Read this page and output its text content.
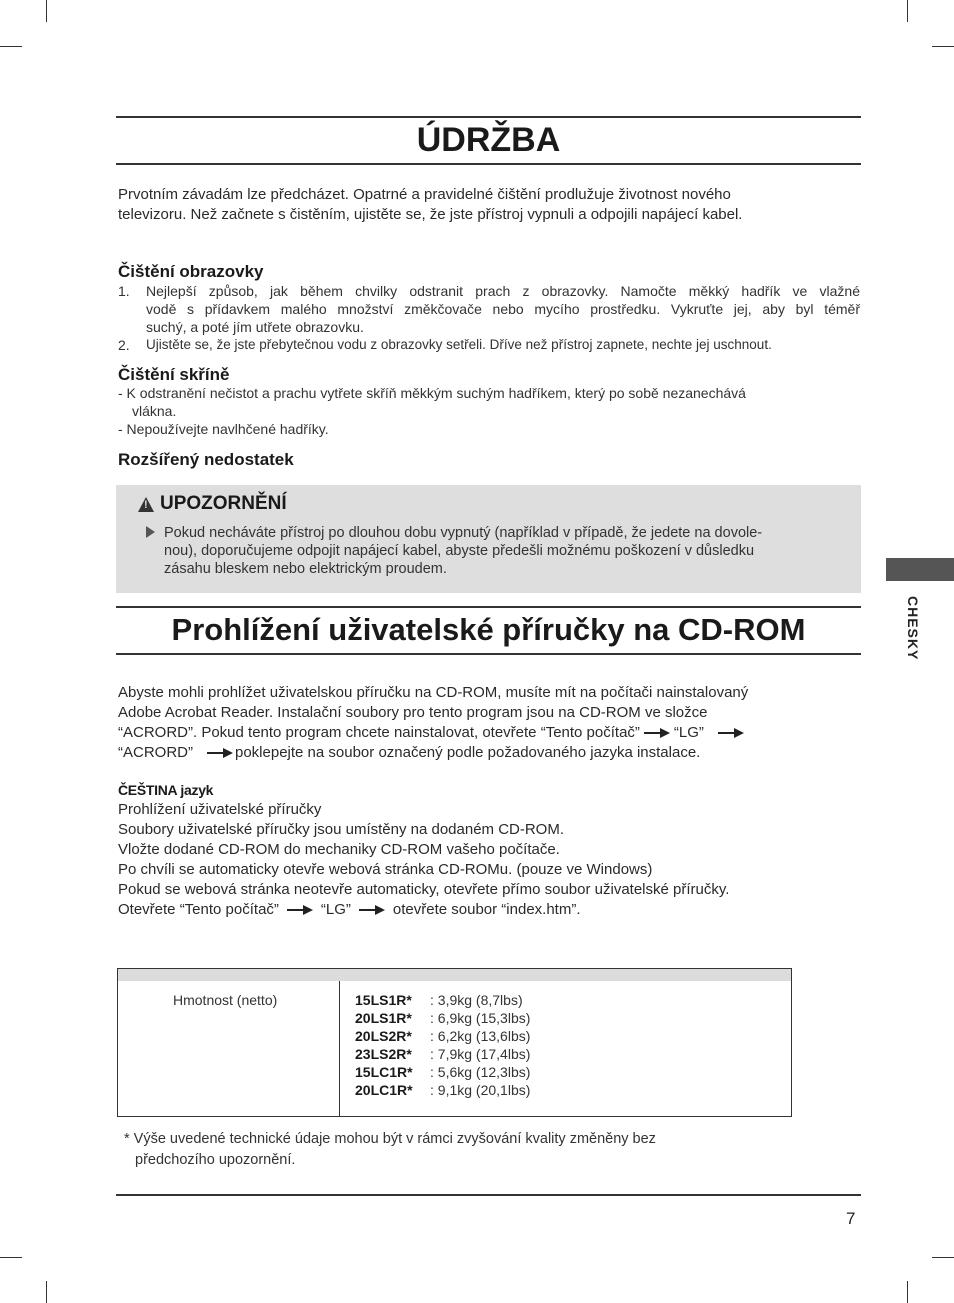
ÚDRŽBA
Prvotním závadám lze předcházet. Opatrné a pravidelné čištění prodlužuje životnost nového
televizoru. Než začnete s čistěním, ujistěte se, že jste přístroj vypnuli a odpojili napájecí kabel.
Čištění obrazovky
1. Nejlepší způsob, jak během chvilky odstranit prach z obrazovky. Namočte měkký hadřík ve vlažné
vodě s přídavkem malého množství změkčovače nebo mycího prostředku. Vykruťte jej, aby byl téměř
suchý, a poté jím utřete obrazovku.
2. Ujistěte se, že jste přebytečnou vodu z obrazovky setřeli. Dříve než přístroj zapnete, nechte jej uschnout.
Čištění skříně
- K odstranění nečistot a prachu vytřete skříň měkkým suchým hadříkem, který po sobě nezanechává
vlákna.
- Nepoužívejte navlhčené hadříky.
Rozšířený nedostatek
!
UPOZORNĚNÍ
Pokud necháváte přístroj po dlouhou dobu vypnutý (například v případě, že jedete na dovole-
nou), doporučujeme odpojit napájecí kabel, abyste předešli možnému poškození v důsledku
zásahu bleskem nebo elektrickým proudem.
Prohlížení uživatelské příručky na CD-ROM
Abyste mohli prohlížet uživatelskou příručku na CD-ROM, musíte mít na počítači nainstalovaný
Adobe Acrobat Reader. Instalační soubory pro tento program jsou na CD-ROM ve složce
“ACRORD”. Pokud tento program chcete nainstalovat, otevřete “Tento počítač” “LG”
“ACRORD”	poklepejte na soubor označený podle požadovaného jazyka instalace.
ČEŠTINA jazyk
Prohlížení uživatelské příručky
Soubory uživatelské příručky jsou umístěny na dodaném CD-ROM.
Vložte dodané CD-ROM do mechaniky CD-ROM vašeho počítače.
Po chvíli se automaticky otevře webová stránka CD-ROMu. (pouze ve Windows)
Pokud se webová stránka neotevře automaticky, otevřete přímo soubor uživatelské příručky.
Otevřete “Tento počítač”	“LG”	otevřete soubor “index.htm”.
Hmotnost (netto)	15LS1R*	: 3,9kg (8,7lbs)
20LS1R*	: 6,9kg (15,3lbs)
20LS2R*	: 6,2kg (13,6lbs)
23LS2R*	: 7,9kg (17,4lbs)
15LC1R*	: 5,6kg (12,3lbs)
20LC1R*	: 9,1kg (20,1lbs)
* Výše uvedené technické údaje mohou být v rámci zvyšování kvality změněny bez
předchozího upozornění.
7
CHESKY
